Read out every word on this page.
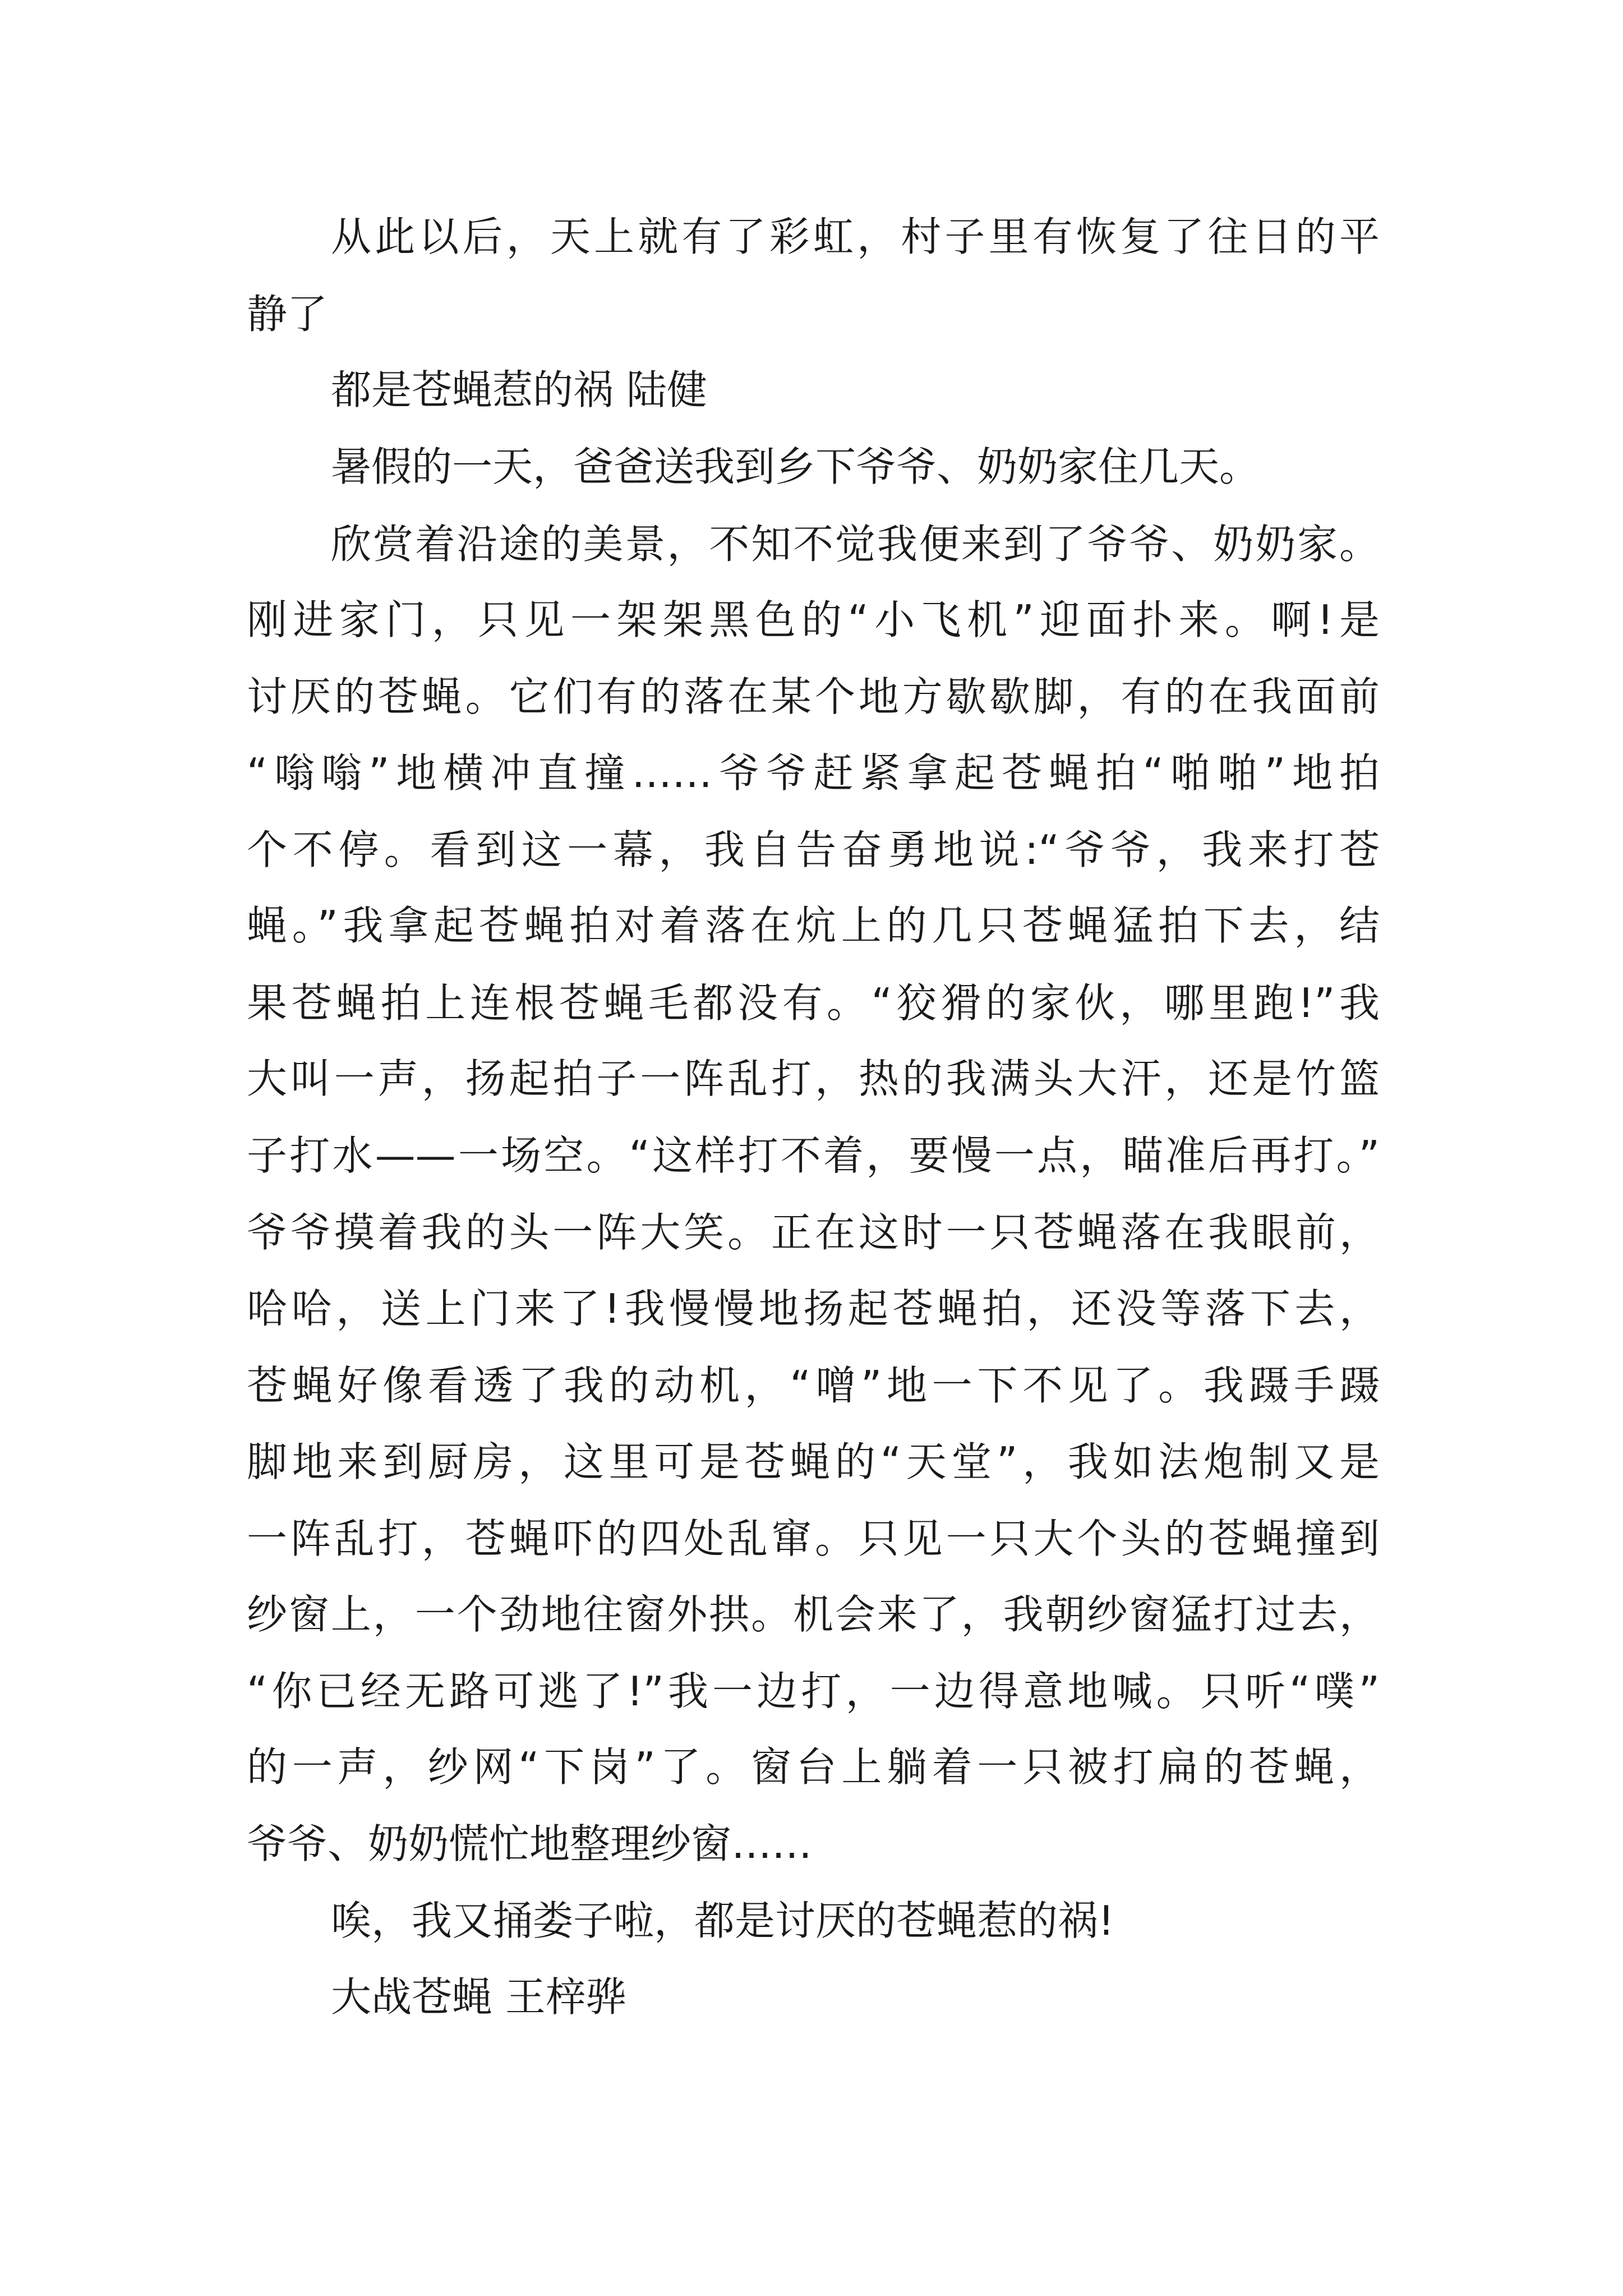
从此以后，天上就有了彩虹，村子里有恢复了往日的平
静了
都是苍蝇惹的祸 陆健
暑假的一天，爸爸送我到乡下爷爷、奶奶家住几天。
欣赏着沿途的美景，不知不觉我便来到了爷爷、奶奶家。
刚进家门，只见一架架黑色的“小飞机”迎面扑来。啊!是
讨厌的苍蝇。它们有的落在某个地方歇歇脚，有的在我面前
“嗡嗡”地横冲直撞……爷爷赶紧拿起苍蝇拍“啪啪”地拍
个不停。看到这一幕，我自告奋勇地说:“爷爷，我来打苍
蝇。”我拿起苍蝇拍对着落在炕上的几只苍蝇猛拍下去，结
果苍蝇拍上连根苍蝇毛都没有。“狡猾的家伙，哪里跑!”我
大叫一声，扬起拍子一阵乱打，热的我满头大汗，还是竹篮
子打水——一场空。“这样打不着，要慢一点，瞄准后再打。”
爷爷摸着我的头一阵大笑。正在这时一只苍蝇落在我眼前，
哈哈，送上门来了!我慢慢地扬起苍蝇拍，还没等落下去，
苍蝇好像看透了我的动机，“噌”地一下不见了。我蹑手蹑
脚地来到厨房，这里可是苍蝇的“天堂”，我如法炮制又是
一阵乱打，苍蝇吓的四处乱窜。只见一只大个头的苍蝇撞到
纱窗上，一个劲地往窗外拱。机会来了，我朝纱窗猛打过去，
“你已经无路可逃了!”我一边打，一边得意地喊。只听“噗”
的一声，纱网“下岗”了。窗台上躺着一只被打扁的苍蝇，
爷爷、奶奶慌忙地整理纱窗……
唉，我又捅娄子啦，都是讨厌的苍蝇惹的祸!
大战苍蝇 王梓骅
